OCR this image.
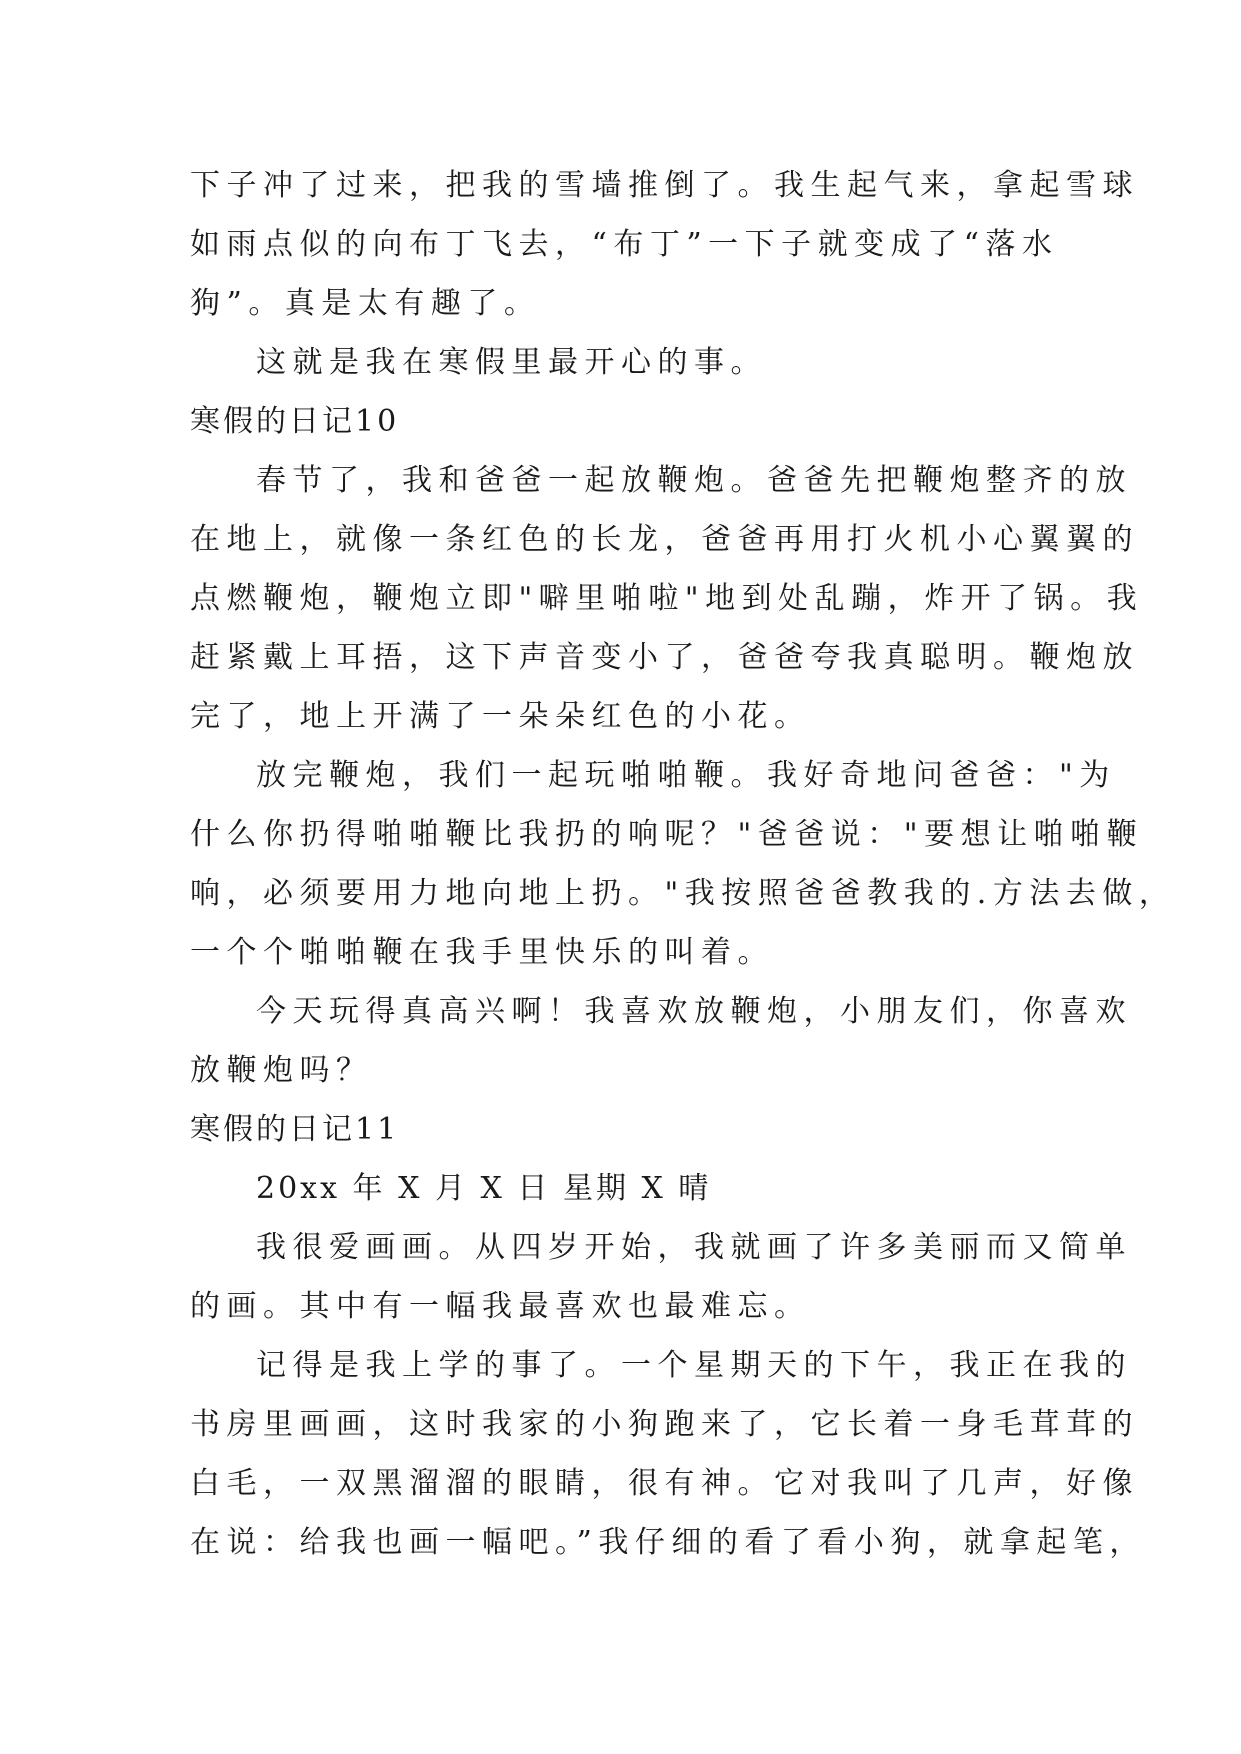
下子冲了过来，把我的雪墙推倒了。我生起气来，拿起雪球
如雨点似的向布丁飞去，“布丁”一下子就变成了“落水
狗”。真是太有趣了。
这就是我在寒假里最开心的事。
寒假的日记10
春节了，我和爸爸一起放鞭炮。爸爸先把鞭炮整齐的放
在地上，就像一条红色的长龙，爸爸再用打火机小心翼翼的
点燃鞭炮，鞭炮立即"噼里啪啦"地到处乱蹦，炸开了锅。我
赶紧戴上耳捂，这下声音变小了，爸爸夸我真聪明。鞭炮放
完了，地上开满了一朵朵红色的小花。
放完鞭炮，我们一起玩啪啪鞭。我好奇地问爸爸："为
什么你扔得啪啪鞭比我扔的响呢？"爸爸说："要想让啪啪鞭
响，必须要用力地向地上扔。"我按照爸爸教我的.方法去做，
一个个啪啪鞭在我手里快乐的叫着。
今天玩得真高兴啊！我喜欢放鞭炮，小朋友们，你喜欢
放鞭炮吗？
寒假的日记11
20xx 年 X 月 X 日 星期 X 晴
我很爱画画。从四岁开始，我就画了许多美丽而又简单
的画。其中有一幅我最喜欢也最难忘。
记得是我上学的事了。一个星期天的下午，我正在我的
书房里画画，这时我家的小狗跑来了，它长着一身毛茸茸的
白毛，一双黑溜溜的眼睛，很有神。它对我叫了几声，好像
在说：给我也画一幅吧。”我仔细的看了看小狗，就拿起笔，
